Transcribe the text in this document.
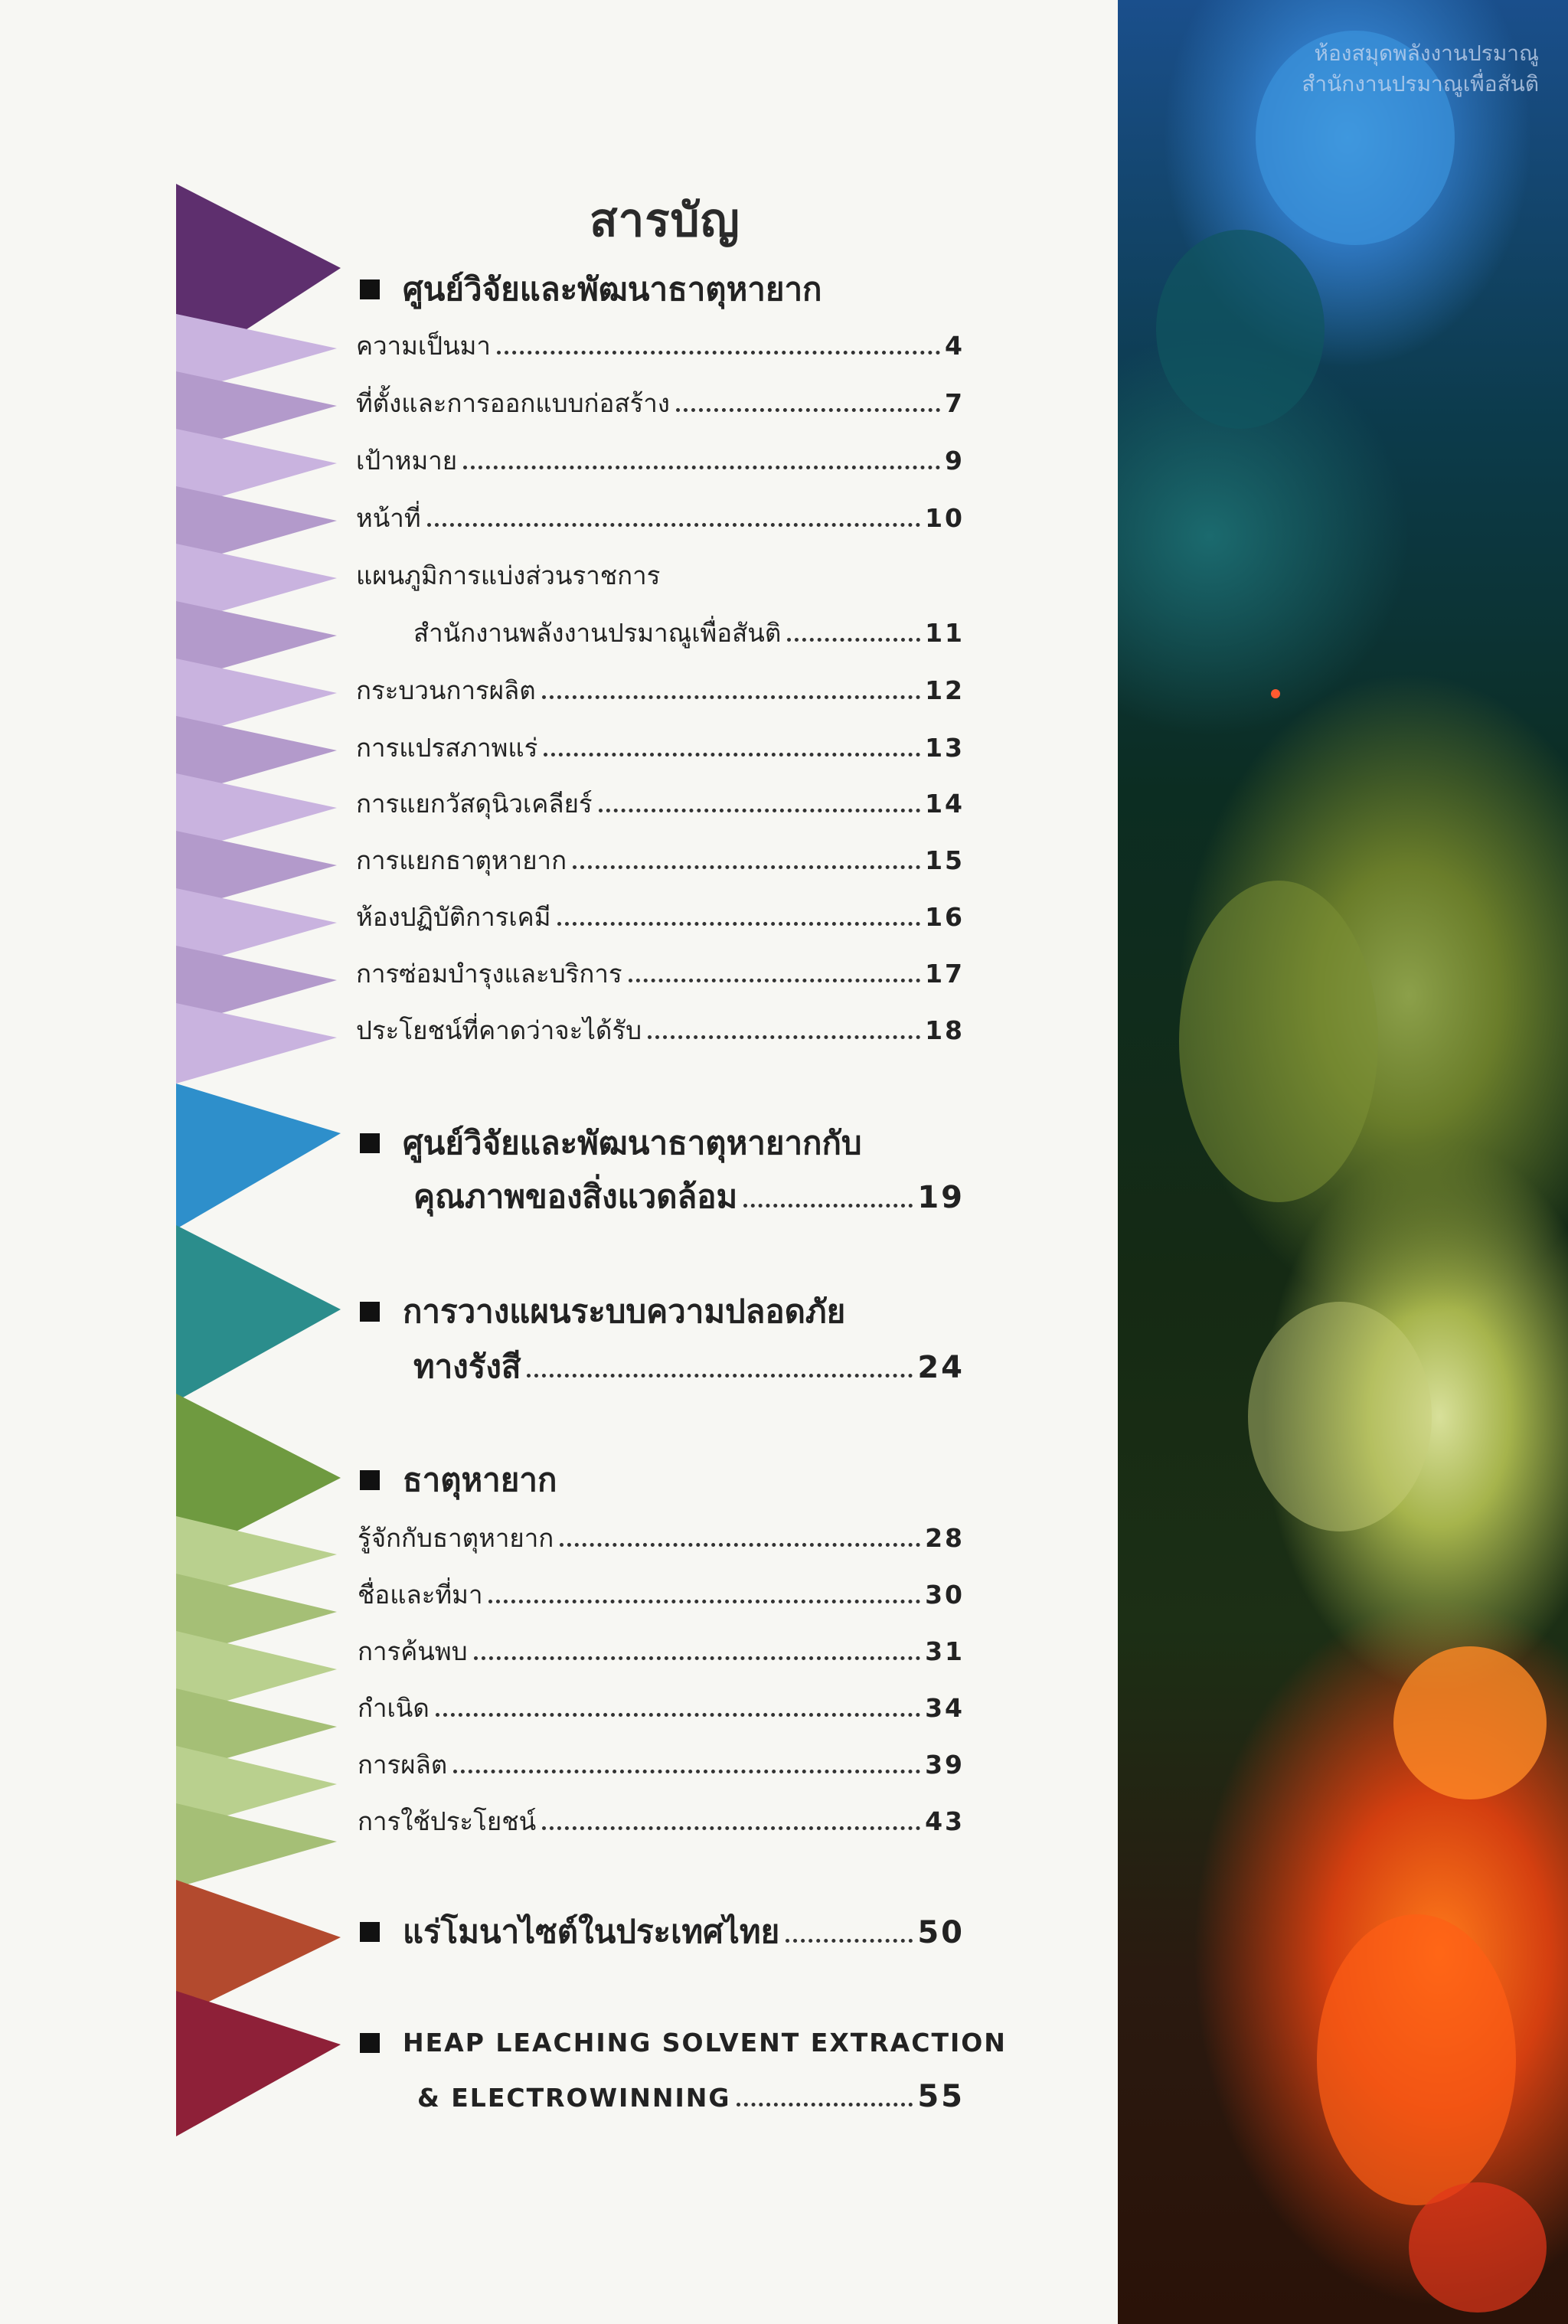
ห้องสมุดพลังงานปรมาณู
สำนักงานปรมาณูเพื่อสันติ
สารบัญ
ศูนย์วิจัยและพัฒนาธาตุหายาก
ความเป็นมา	4
ที่ตั้งและการออกแบบก่อสร้าง	7
เป้าหมาย	9
หน้าที่	10
แผนภูมิการแบ่งส่วนราชการ
สำนักงานพลังงานปรมาณูเพื่อสันติ	11
กระบวนการผลิต	12
การแปรสภาพแร่	13
การแยกวัสดุนิวเคลียร์	14
การแยกธาตุหายาก	15
ห้องปฏิบัติการเคมี	16
การซ่อมบำรุงและบริการ	17
ประโยชน์ที่คาดว่าจะได้รับ	18
ศูนย์วิจัยและพัฒนาธาตุหายากกับ
คุณภาพของสิ่งแวดล้อม	19
การวางแผนระบบความปลอดภัย
ทางรังสี	24
ธาตุหายาก
รู้จักกับธาตุหายาก	28
ชื่อและที่มา	30
การค้นพบ	31
กำเนิด	34
การผลิต	39
การใช้ประโยชน์	43
แร่โมนาไซต์ในประเทศไทย	50
HEAP LEACHING SOLVENT EXTRACTION
& ELECTROWINNING	55
